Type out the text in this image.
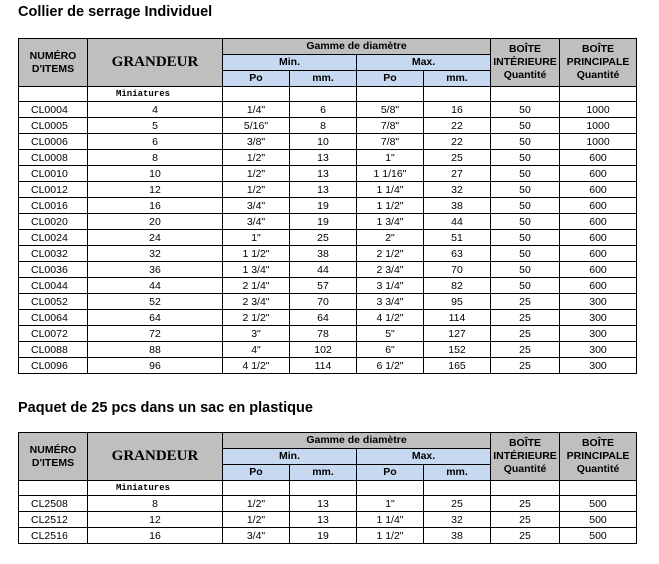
Collier de serrage Individuel
NUMÉRO
D'ITEMS	GRANDEUR	Gamme de diamètre				BOÎTE
INTÉRIEURE
Quantité	BOÎTE
PRINCIPALE
Quantité

		Min.		Max.			
		Po	mm.	Po	mm.		
	Miniatures						
CL0004	4	1/4"	6	5/8"	16	50	1000
CL0005	5	5/16"	8	7/8"	22	50	1000
CL0006	6	3/8"	10	7/8"	22	50	1000
CL0008	8	1/2"	13	1"	25	50	600
CL0010	10	1/2"	13	1 1/16"	27	50	600
CL0012	12	1/2"	13	1 1/4"	32	50	600
CL0016	16	3/4"	19	1 1/2"	38	50	600
CL0020	20	3/4"	19	1 3/4"	44	50	600
CL0024	24	1"	25	2"	51	50	600
CL0032	32	1 1/2"	38	2 1/2"	63	50	600
CL0036	36	1 3/4"	44	2 3/4"	70	50	600
CL0044	44	2 1/4"	57	3 1/4"	82	50	600
CL0052	52	2 3/4"	70	3 3/4"	95	25	300
CL0064	64	2 1/2"	64	4 1/2"	114	25	300
CL0072	72	3"	78	5"	127	25	300
CL0088	88	4"	102	6"	152	25	300
CL0096	96	4 1/2"	114	6 1/2"	165	25	300
Paquet de 25 pcs dans un sac en plastique
NUMÉRO
D'ITEMS	GRANDEUR	Gamme de diamètre				BOÎTE
INTÉRIEURE
Quantité	BOÎTE
PRINCIPALE
Quantité

		Min.		Max.			
		Po	mm.	Po	mm.		
	Miniatures						
CL2508	8	1/2"	13	1"	25	25	500
CL2512	12	1/2"	13	1 1/4"	32	25	500
CL2516	16	3/4"	19	1 1/2"	38	25	500
